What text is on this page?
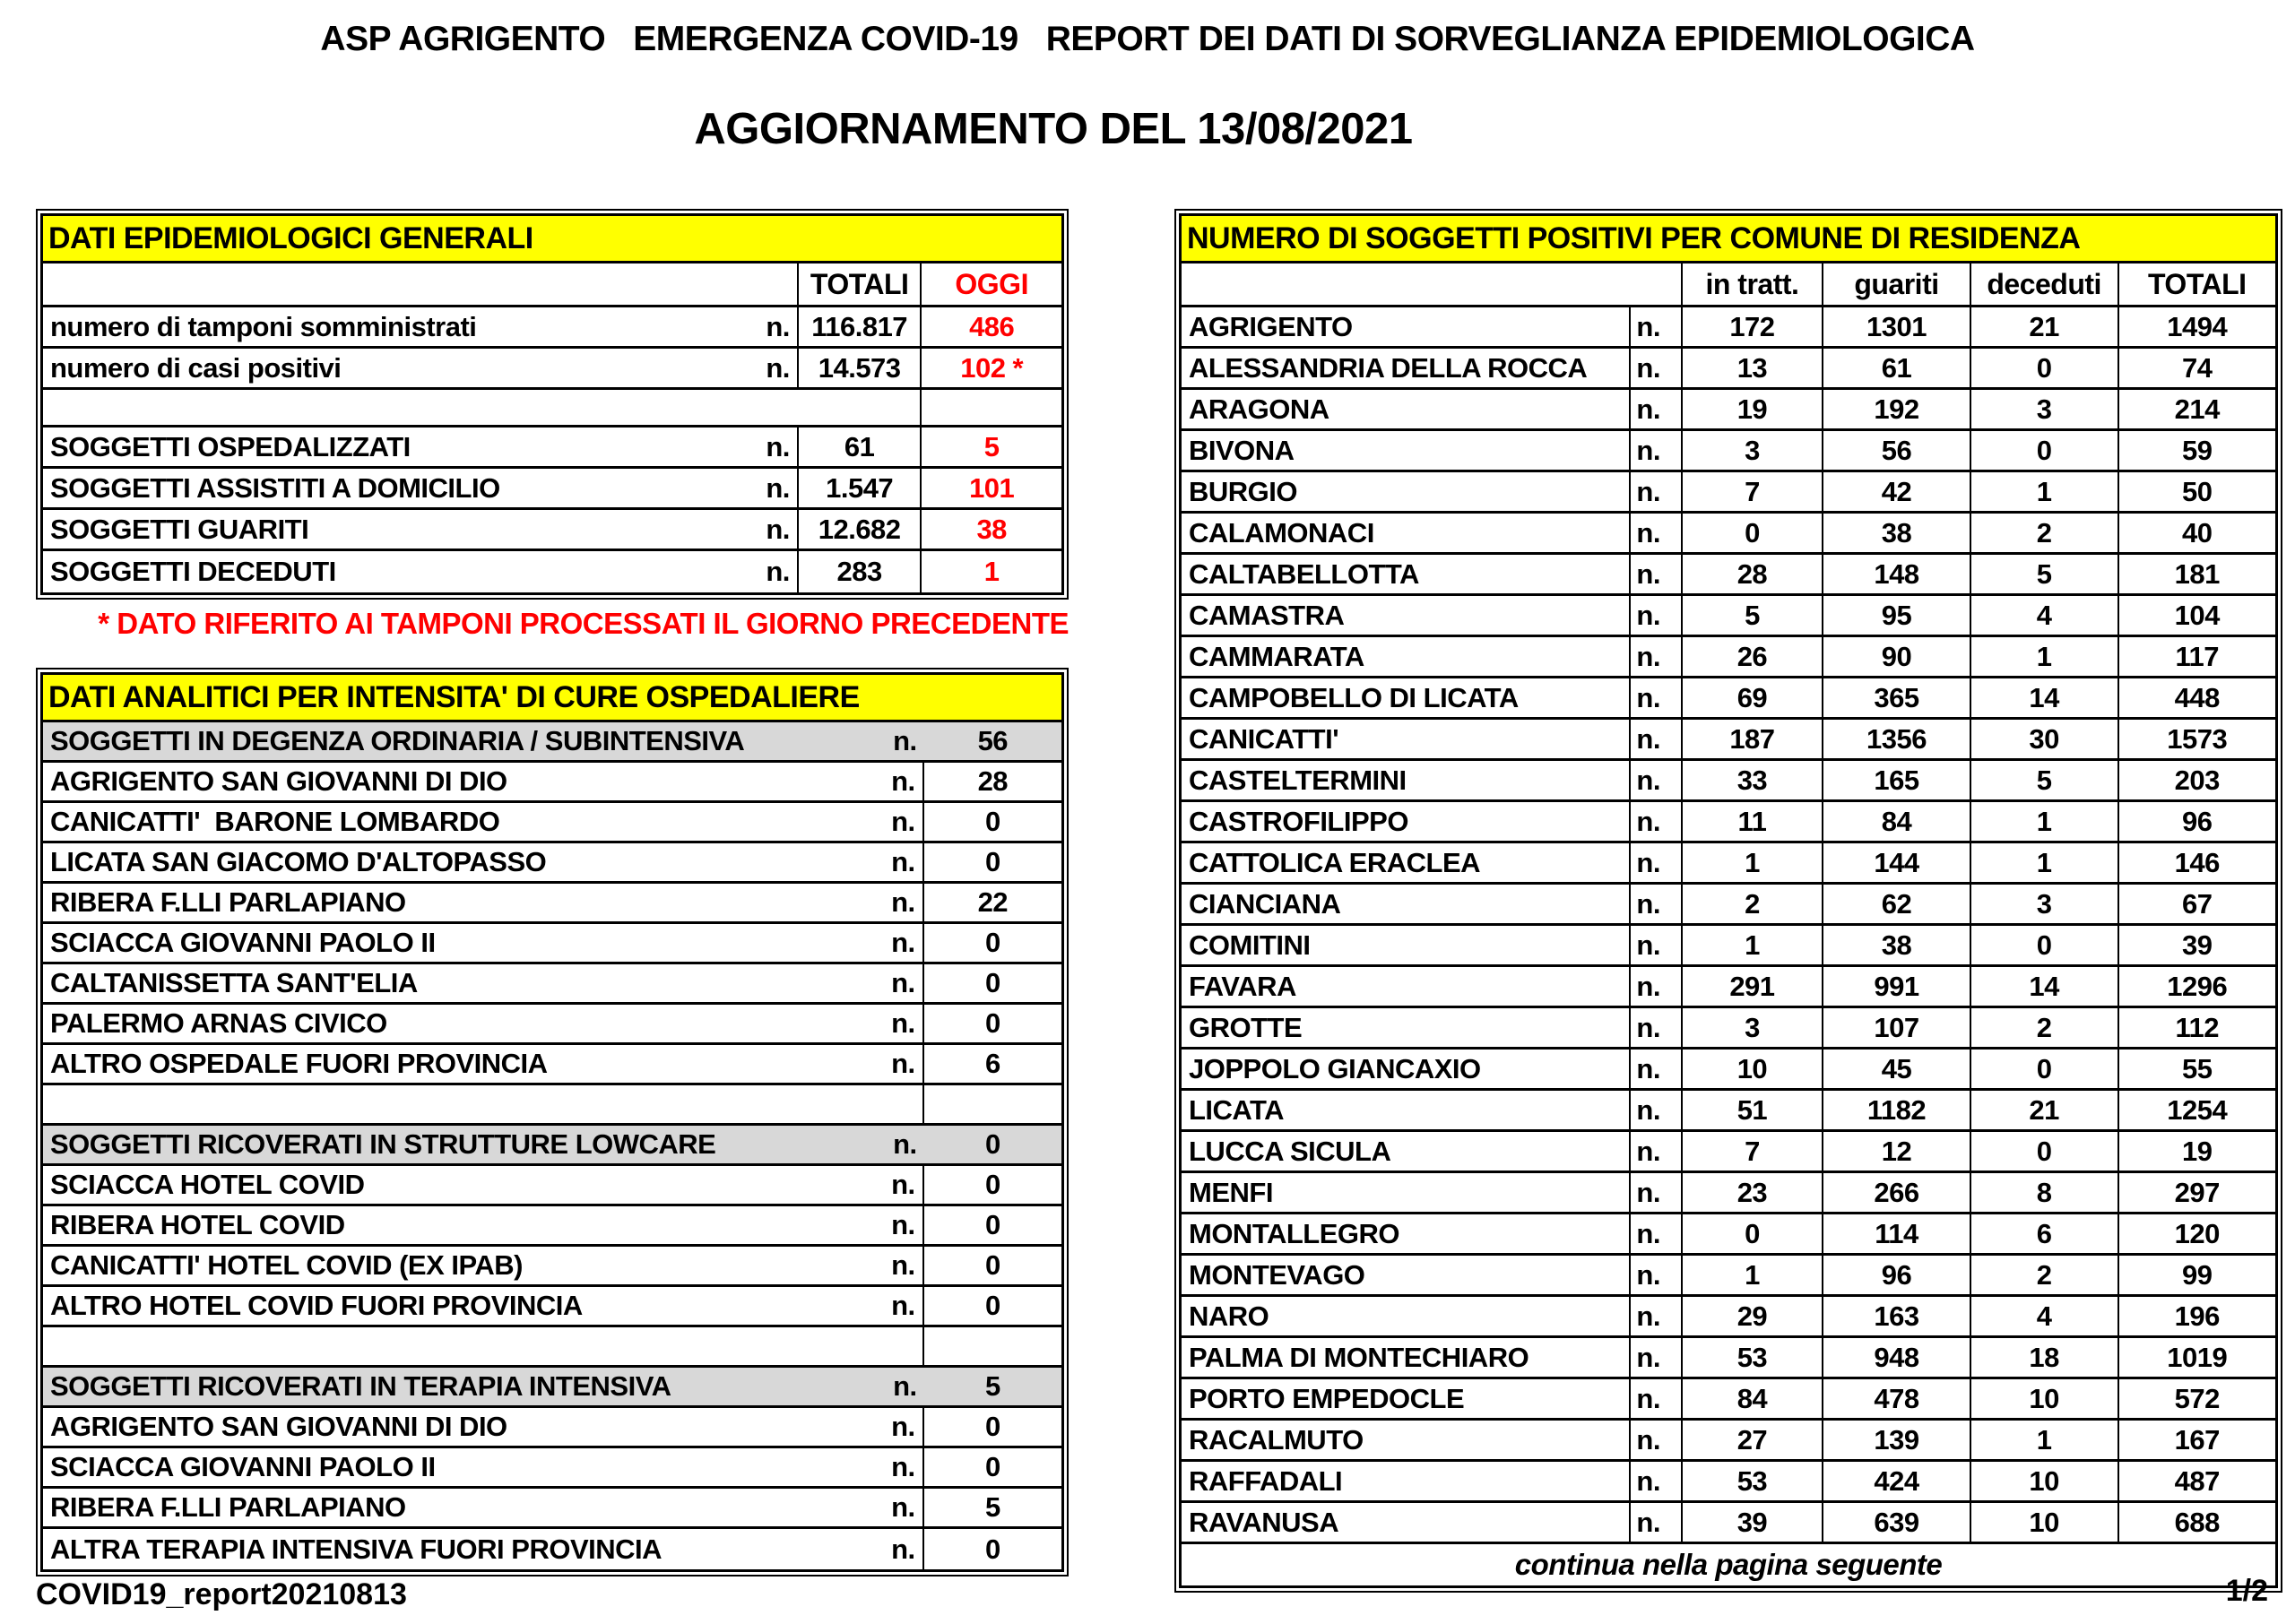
ASP AGRIGENTO   EMERGENZA COVID-19   REPORT DEI DATI DI SORVEGLIANZA EPIDEMIOLOGICA
AGGIORNAMENTO DEL 13/08/2021
DATI EPIDEMIOLOGICI GENERALI		
	TOTALI	OGGI

numero di tamponi somministrati n.	116.817	486

numero di casi positivi n.	14.573	102 *

SOGGETTI OSPEDALIZZATI n.	61	5

SOGGETTI ASSISTITI A DOMICILIO n.	1.547	101

SOGGETTI GUARITI n.	12.682	38

SOGGETTI DECEDUTI n.	283	1
* DATO RIFERITO AI TAMPONI PROCESSATI IL GIORNO PRECEDENTE
DATI ANALITICI PER INTENSITA' DI CURE OSPEDALIERE	

SOGGETTI IN DEGENZA ORDINARIA / SUBINTENSIVA n.	56

AGRIGENTO SAN GIOVANNI DI DIO n.	28

CANICATTI'  BARONE LOMBARDO n.	0

LICATA SAN GIACOMO D'ALTOPASSO n.	0

RIBERA F.LLI PARLAPIANO n.	22

SCIACCA GIOVANNI PAOLO II n.	0

CALTANISSETTA SANT'ELIA n.	0

PALERMO ARNAS CIVICO n.	0

ALTRO OSPEDALE FUORI PROVINCIA n.	6

SOGGETTI RICOVERATI IN STRUTTURE LOWCARE n.	0

SCIACCA HOTEL COVID n.	0

RIBERA HOTEL COVID n.	0

CANICATTI' HOTEL COVID (EX IPAB) n.	0

ALTRO HOTEL COVID FUORI PROVINCIA n.	0

SOGGETTI RICOVERATI IN TERAPIA INTENSIVA n.	5

AGRIGENTO SAN GIOVANNI DI DIO n.	0

SCIACCA GIOVANNI PAOLO II n.	0

RIBERA F.LLI PARLAPIANO n.	5

ALTRA TERAPIA INTENSIVA FUORI PROVINCIA n.	0
NUMERO DI SOGGETTI POSITIVI PER COMUNE DI RESIDENZA					
		in tratt.	guariti	deceduti	TOTALI
AGRIGENTO	n.	172	1301	21	1494
ALESSANDRIA DELLA ROCCA	n.	13	61	0	74
ARAGONA	n.	19	192	3	214
BIVONA	n.	3	56	0	59
BURGIO	n.	7	42	1	50
CALAMONACI	n.	0	38	2	40
CALTABELLOTTA	n.	28	148	5	181
CAMASTRA	n.	5	95	4	104
CAMMARATA	n.	26	90	1	117
CAMPOBELLO DI LICATA	n.	69	365	14	448
CANICATTI'	n.	187	1356	30	1573
CASTELTERMINI	n.	33	165	5	203
CASTROFILIPPO	n.	11	84	1	96
CATTOLICA ERACLEA	n.	1	144	1	146
CIANCIANA	n.	2	62	3	67
COMITINI	n.	1	38	0	39
FAVARA	n.	291	991	14	1296
GROTTE	n.	3	107	2	112
JOPPOLO GIANCAXIO	n.	10	45	0	55
LICATA	n.	51	1182	21	1254
LUCCA SICULA	n.	7	12	0	19
MENFI	n.	23	266	8	297
MONTALLEGRO	n.	0	114	6	120
MONTEVAGO	n.	1	96	2	99
NARO	n.	29	163	4	196
PALMA DI MONTECHIARO	n.	53	948	18	1019
PORTO EMPEDOCLE	n.	84	478	10	572
RACALMUTO	n.	27	139	1	167
RAFFADALI	n.	53	424	10	487
RAVANUSA	n.	39	639	10	688
continua nella pagina seguente					
COVID19_report20210813	1/2
